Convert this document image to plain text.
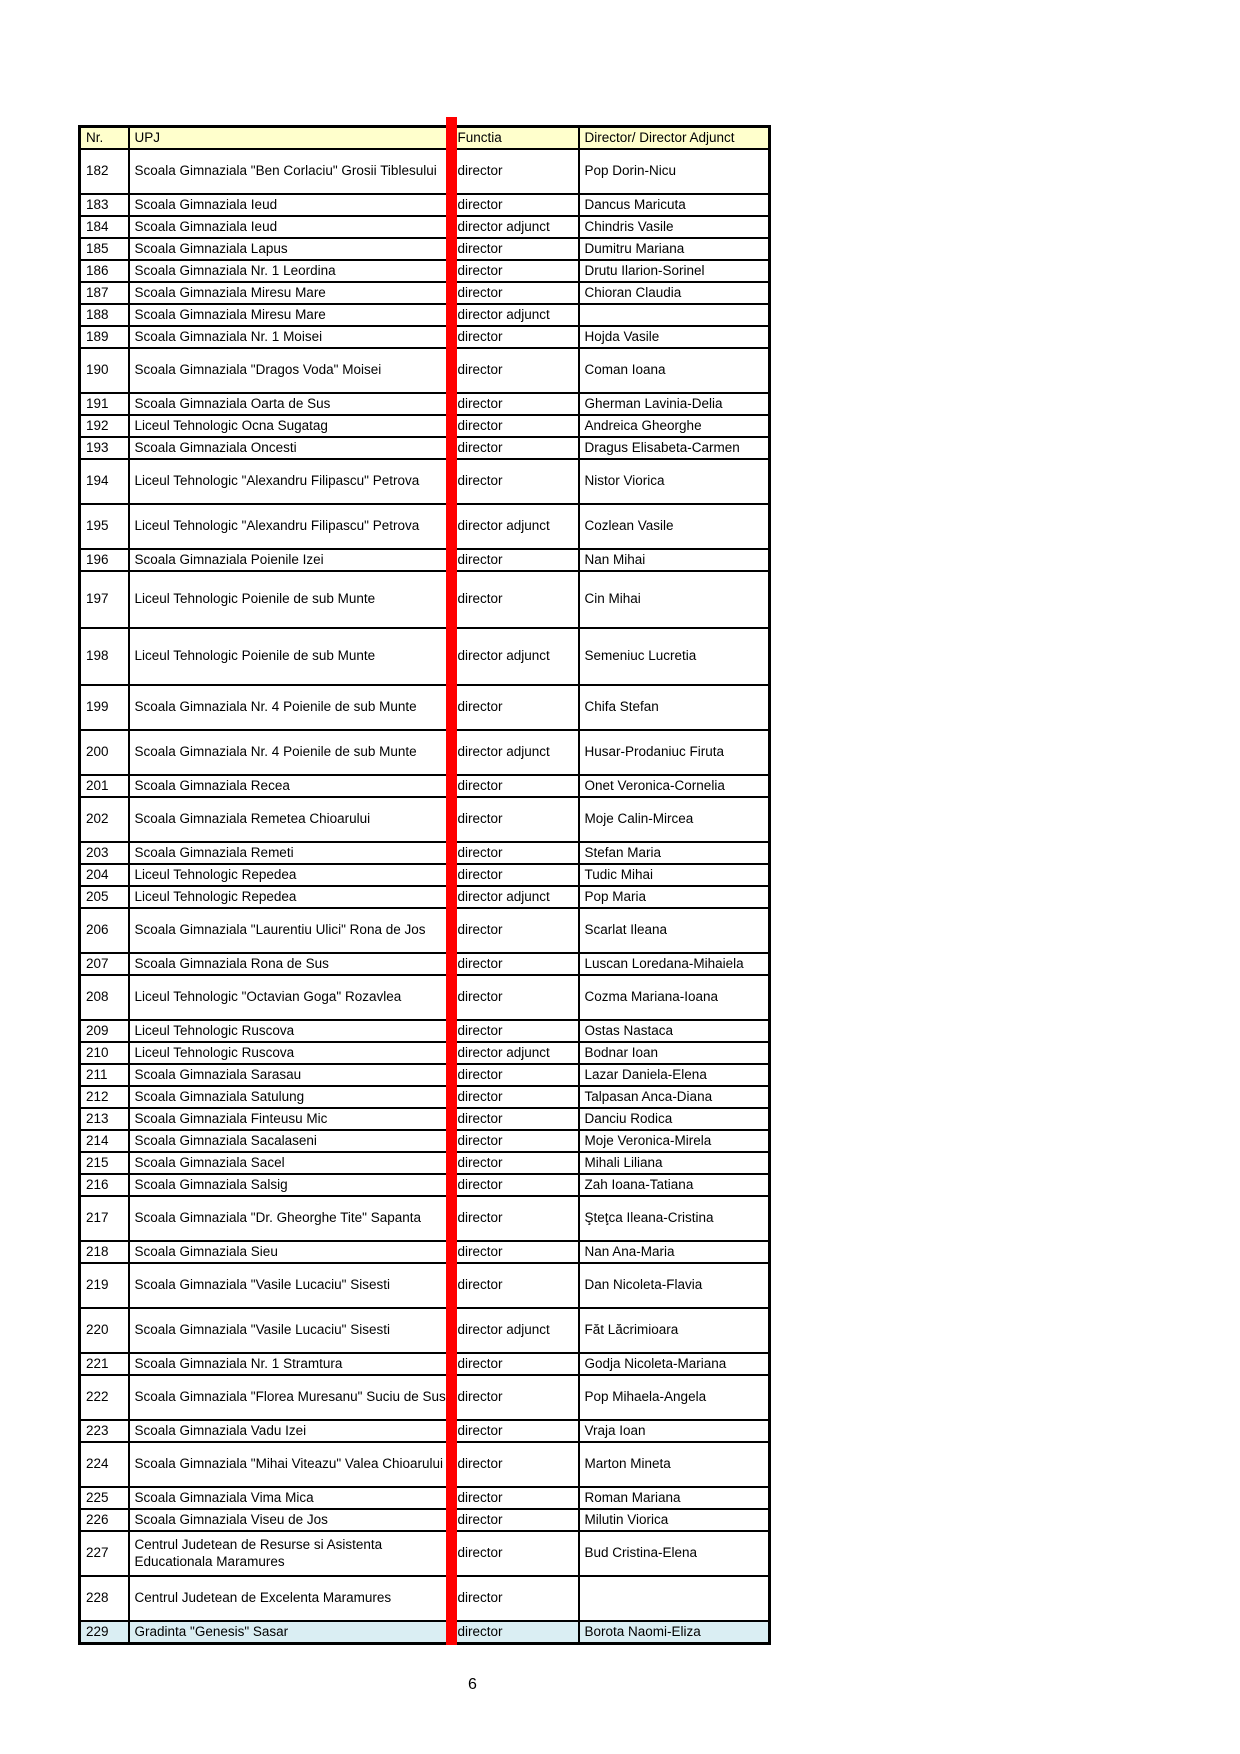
Nr.	UPJ	Functia	Director/ Director Adjunct
182	Scoala Gimnaziala "Ben Corlaciu" Grosii Tiblesului	director	Pop Dorin-Nicu
183	Scoala Gimnaziala Ieud	director	Dancus Maricuta
184	Scoala Gimnaziala Ieud	director adjunct	Chindris Vasile
185	Scoala Gimnaziala Lapus	director	Dumitru Mariana
186	Scoala Gimnaziala Nr. 1 Leordina	director	Drutu Ilarion-Sorinel
187	Scoala Gimnaziala Miresu Mare	director	Chioran Claudia
188	Scoala Gimnaziala Miresu Mare	director adjunct	
189	Scoala Gimnaziala Nr. 1 Moisei	director	Hojda Vasile
190	Scoala Gimnaziala "Dragos Voda" Moisei	director	Coman Ioana
191	Scoala Gimnaziala Oarta de Sus	director	Gherman Lavinia-Delia
192	Liceul Tehnologic Ocna Sugatag	director	Andreica Gheorghe
193	Scoala Gimnaziala Oncesti	director	Dragus Elisabeta-Carmen
194	Liceul Tehnologic "Alexandru Filipascu" Petrova	director	Nistor Viorica
195	Liceul Tehnologic "Alexandru Filipascu" Petrova	director adjunct	Cozlean Vasile
196	Scoala Gimnaziala Poienile Izei	director	Nan Mihai
197	Liceul Tehnologic Poienile de sub Munte	director	Cin Mihai
198	Liceul Tehnologic Poienile de sub Munte	director adjunct	Semeniuc Lucretia
199	Scoala Gimnaziala Nr. 4 Poienile de sub Munte	director	Chifa Stefan
200	Scoala Gimnaziala Nr. 4 Poienile de sub Munte	director adjunct	Husar-Prodaniuc Firuta
201	Scoala Gimnaziala Recea	director	Onet Veronica-Cornelia
202	Scoala Gimnaziala Remetea Chioarului	director	Moje Calin-Mircea
203	Scoala Gimnaziala Remeti	director	Stefan Maria
204	Liceul Tehnologic Repedea	director	Tudic Mihai
205	Liceul Tehnologic Repedea	director adjunct	Pop Maria
206	Scoala Gimnaziala "Laurentiu Ulici" Rona de Jos	director	Scarlat Ileana
207	Scoala Gimnaziala Rona de Sus	director	Luscan Loredana-Mihaiela
208	Liceul Tehnologic "Octavian Goga" Rozavlea	director	Cozma Mariana-Ioana
209	Liceul Tehnologic Ruscova	director	Ostas Nastaca
210	Liceul Tehnologic Ruscova	director adjunct	Bodnar Ioan
211	Scoala Gimnaziala Sarasau	director	Lazar Daniela-Elena
212	Scoala Gimnaziala Satulung	director	Talpasan Anca-Diana
213	Scoala Gimnaziala Finteusu Mic	director	Danciu Rodica
214	Scoala Gimnaziala Sacalaseni	director	Moje Veronica-Mirela
215	Scoala Gimnaziala Sacel	director	Mihali Liliana
216	Scoala Gimnaziala Salsig	director	Zah Ioana-Tatiana
217	Scoala Gimnaziala "Dr. Gheorghe Tite" Sapanta	director	Şteţca Ileana-Cristina
218	Scoala Gimnaziala Sieu	director	Nan Ana-Maria
219	Scoala Gimnaziala "Vasile Lucaciu" Sisesti	director	Dan Nicoleta-Flavia
220	Scoala Gimnaziala "Vasile Lucaciu" Sisesti	director adjunct	Făt Lăcrimioara
221	Scoala Gimnaziala Nr. 1 Stramtura	director	Godja Nicoleta-Mariana
222	Scoala Gimnaziala "Florea Muresanu" Suciu de Sus	director	Pop Mihaela-Angela
223	Scoala Gimnaziala Vadu Izei	director	Vraja Ioan
224	Scoala Gimnaziala "Mihai Viteazu" Valea Chioarului	director	Marton Mineta
225	Scoala Gimnaziala Vima Mica	director	Roman Mariana
226	Scoala Gimnaziala Viseu de Jos	director	Milutin Viorica
227	Centrul Judetean de Resurse si Asistenta Educationala Maramures	director	Bud Cristina-Elena
228	Centrul Judetean de Excelenta Maramures	director	
229	Gradinta "Genesis" Sasar	director	Borota Naomi-Eliza
6
